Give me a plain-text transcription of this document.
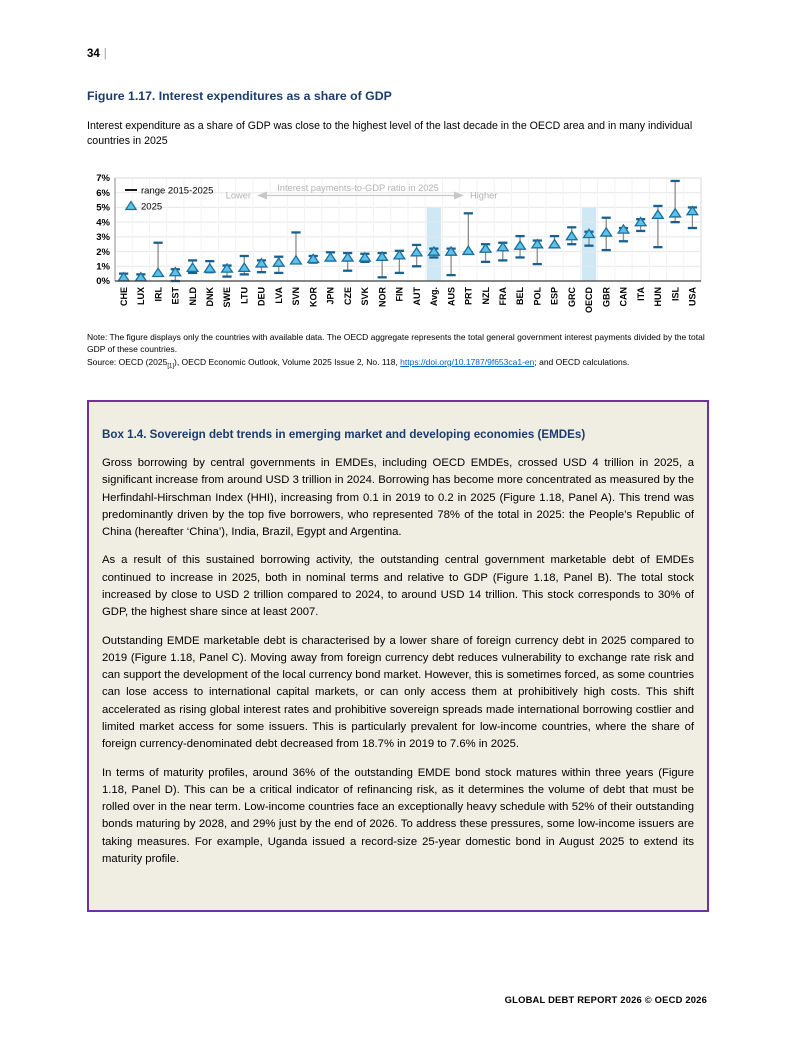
34 |
Figure 1.17. Interest expenditures as a share of GDP
Interest expenditure as a share of GDP was close to the highest level of the last decade in the OECD area and in many individual countries in 2025
Interest payments-to-GDP ratio in 2025
Lower	Higher
range 2015-2025
2025
CHE LUX IRL EST NLD DNK SWE LTU DEU LVA SVN KOR JPN CZE SVK NOR FIN AUT Avg. AUS PRT NZL FRA BEL POL ESP GRC OECD GBR CAN ITA HUN ISL USA
0%
1%
2%
3%
4%
5%
6%
7%
Note: The figure displays only the countries with available data. The OECD aggregate represents the total general government interest payments divided by the total GDP of these countries.
Source: OECD $(2025_{[1]})$, OECD Economic Outlook, Volume 2025 Issue 2, No. 118, https://doi.org/10.1787/9f653ca1-en; and OECD calculations.
Box 1.4. Sovereign debt trends in emerging market and developing economies (EMDEs)

Gross borrowing by central governments in EMDEs, including OECD EMDEs, crossed USD 4 trillion in 2025, a significant increase from around USD 3 trillion in 2024. Borrowing has become more concentrated as measured by the Herfindahl-Hirschman Index (HHI), increasing from 0.1 in 2019 to 0.2 in 2025 (Figure 1.18, Panel A). This trend was predominantly driven by the top five borrowers, who represented 78% of the total in 2025: the People’s Republic of China (hereafter ‘China’), India, Brazil, Egypt and Argentina.

As a result of this sustained borrowing activity, the outstanding central government marketable debt of EMDEs continued to increase in 2025, both in nominal terms and relative to GDP (Figure 1.18, Panel B). The total stock increased by close to USD 2 trillion compared to 2024, to around USD 14 trillion. This stock corresponds to 30% of GDP, the highest share since at least 2007.

Outstanding EMDE marketable debt is characterised by a lower share of foreign currency debt in 2025 compared to 2019 (Figure 1.18, Panel C). Moving away from foreign currency debt reduces vulnerability to exchange rate risk and can support the development of the local currency bond market. However, this is sometimes forced, as some countries can lose access to international capital markets, or can only access them at prohibitively high costs. This shift accelerated as rising global interest rates and prohibitive sovereign spreads made international borrowing costlier and limited market access for some issuers. This is particularly prevalent for low-income countries, where the share of foreign currency-denominated debt decreased from 18.7% in 2019 to 7.6% in 2025.

In terms of maturity profiles, around 36% of the outstanding EMDE bond stock matures within three years (Figure 1.18, Panel D). This can be a critical indicator of refinancing risk, as it determines the volume of debt that must be rolled over in the near term. Low-income countries face an exceptionally heavy schedule with 52% of their outstanding bonds maturing by 2028, and 29% just by the end of 2026. To address these pressures, some low-income issuers are taking measures. For example, Uganda issued a record-size 25-year domestic bond in August 2025 to extend its maturity profile.

GLOBAL DEBT REPORT 2026 © OECD 2026
